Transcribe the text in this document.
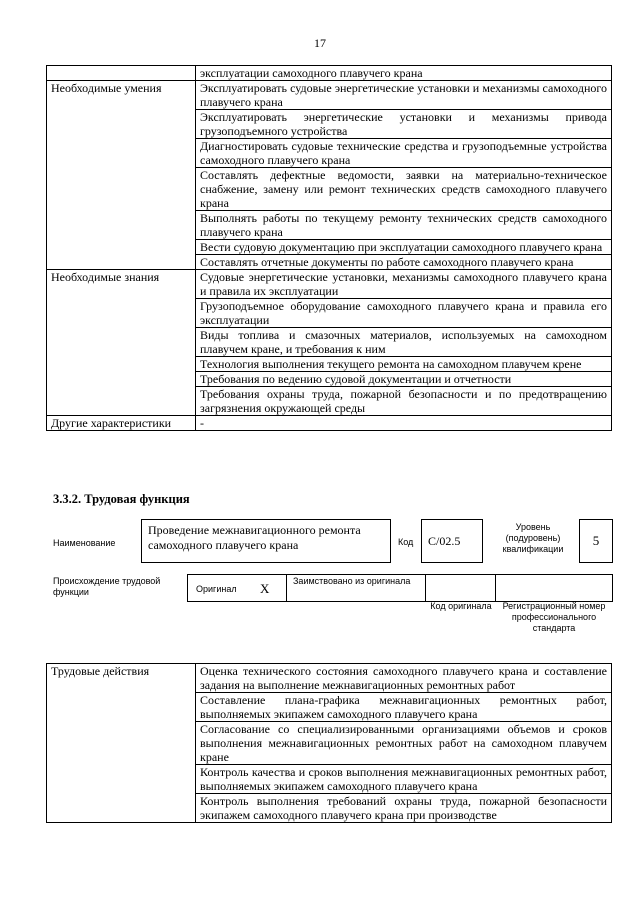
17
	эксплуатации самоходного плавучего крана
Необходимые умения	Эксплуатировать судовые энергетические установки и механизмы самоходного плавучего крана
	Эксплуатировать энергетические установки и механизмы привода грузоподъемного устройства
	Диагностировать судовые технические средства и грузоподъемные устройства самоходного плавучего крана
	Составлять дефектные ведомости, заявки на материально-техническое снабжение, замену или ремонт технических средств самоходного плавучего крана
	Выполнять работы по текущему ремонту технических средств самоходного плавучего крана
	Вести судовую документацию при эксплуатации самоходного плавучего крана
	Составлять отчетные документы по работе самоходного плавучего крана
Необходимые знания	Судовые энергетические установки, механизмы самоходного плавучего крана и правила их эксплуатации
	Грузоподъемное оборудование самоходного плавучего крана и правила его эксплуатации
	Виды топлива и смазочных материалов, используемых на самоходном плавучем кране, и требования к ним
	Технология выполнения текущего ремонта на самоходном плавучем крене
	Требования по ведению судовой документации и отчетности
	Требования охраны труда, пожарной безопасности и по предотвращению загрязнения окружающей среды
Другие характеристики	-
3.3.2. Трудовая функция
Наименование
Проведение межнавигационного ремонта самоходного плавучего крана	Код	С/02.5
Уровень (подуровень) квалификации
5
Происхождение трудовой функции	Оригинал X	Заимствовано из оригинала
Код оригинала	Регистрационный номер профессионального стандарта
Трудовые действия	Оценка технического состояния самоходного плавучего крана и составление задания на выполнение межнавигационных ремонтных работ
Составление плана-графика межнавигационных ремонтных работ, выполняемых экипажем самоходного плавучего крана
Согласование со специализированными организациями объемов и сроков выполнения межнавигационных ремонтных работ на самоходном плавучем кране
Контроль качества и сроков выполнения межнавигационных ремонтных работ, выполняемых экипажем самоходного плавучего крана
Контроль выполнения требований охраны труда, пожарной безопасности экипажем самоходного плавучего крана при производстве
